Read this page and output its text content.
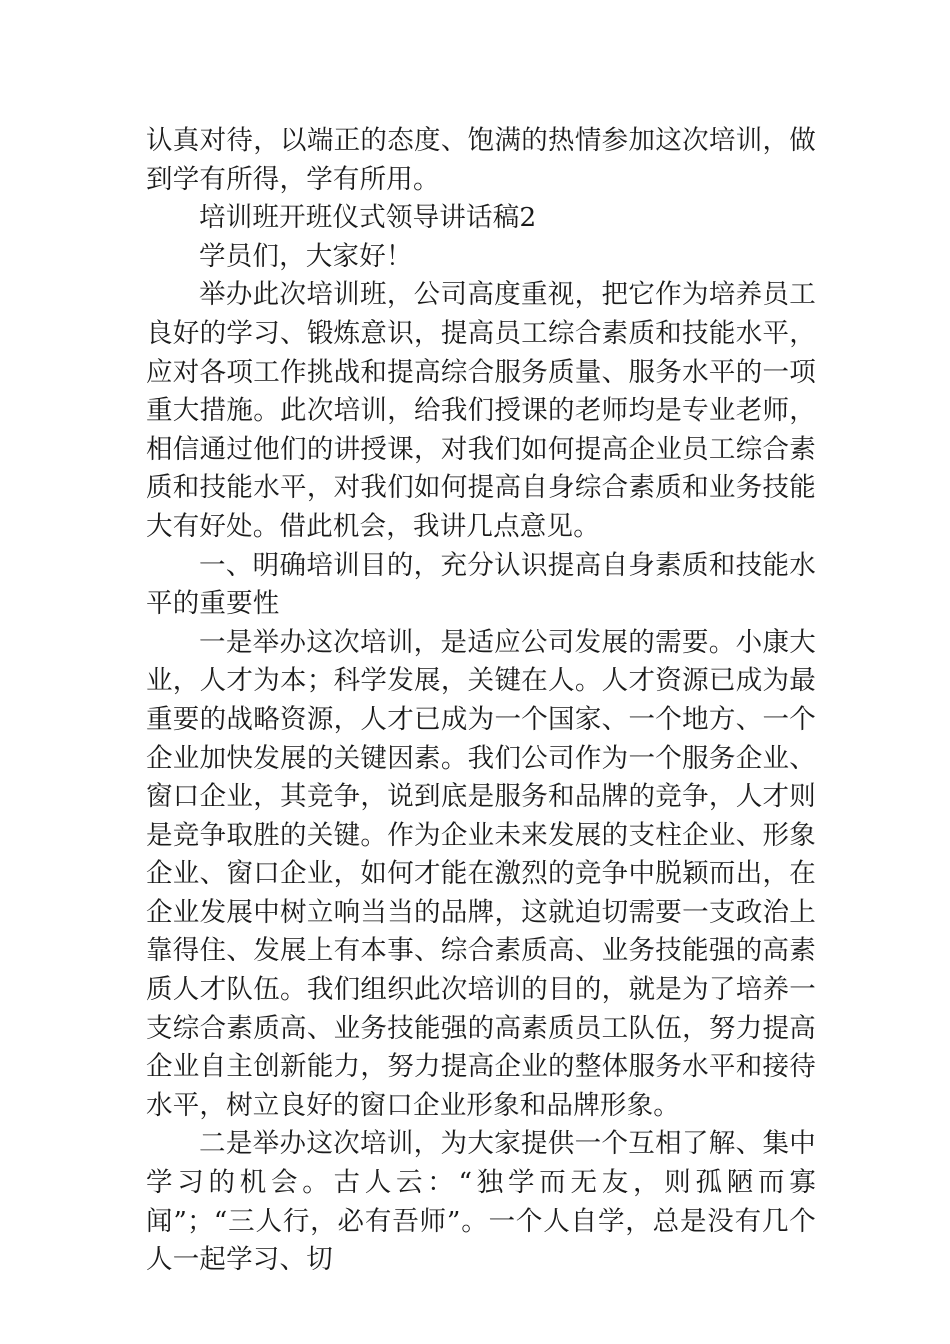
认真对待，以端正的态度、饱满的热情参加这次培训，做到学有所得，学有所用。

培训班开班仪式领导讲话稿2

学员们，大家好！

举办此次培训班，公司高度重视，把它作为培养员工良好的学习、锻炼意识，提高员工综合素质和技能水平，应对各项工作挑战和提高综合服务质量、服务水平的一项重大措施。此次培训，给我们授课的老师均是专业老师，相信通过他们的讲授课，对我们如何提高企业员工综合素质和技能水平，对我们如何提高自身综合素质和业务技能大有好处。借此机会，我讲几点意见。

一、明确培训目的，充分认识提高自身素质和技能水平的重要性

一是举办这次培训，是适应公司发展的需要。小康大业，人才为本；科学发展，关键在人。人才资源已成为最重要的战略资源，人才已成为一个国家、一个地方、一个企业加快发展的关键因素。我们公司作为一个服务企业、窗口企业，其竞争，说到底是服务和品牌的竞争，人才则是竞争取胜的关键。作为企业未来发展的支柱企业、形象企业、窗口企业，如何才能在激烈的竞争中脱颖而出，在企业发展中树立响当当的品牌，这就迫切需要一支政治上靠得住、发展上有本事、综合素质高、业务技能强的高素质人才队伍。我们组织此次培训的目的，就是为了培养一支综合素质高、业务技能强的高素质员工队伍，努力提高企业自主创新能力，努力提高企业的整体服务水平和接待水平，树立良好的窗口企业形象和品牌形象。

二是举办这次培训，为大家提供一个互相了解、集中学习的机会。古人云：“独学而无友，则孤陋而寡闻”；“三人行，必有吾师”。一个人自学，总是没有几个人一起学习、切
